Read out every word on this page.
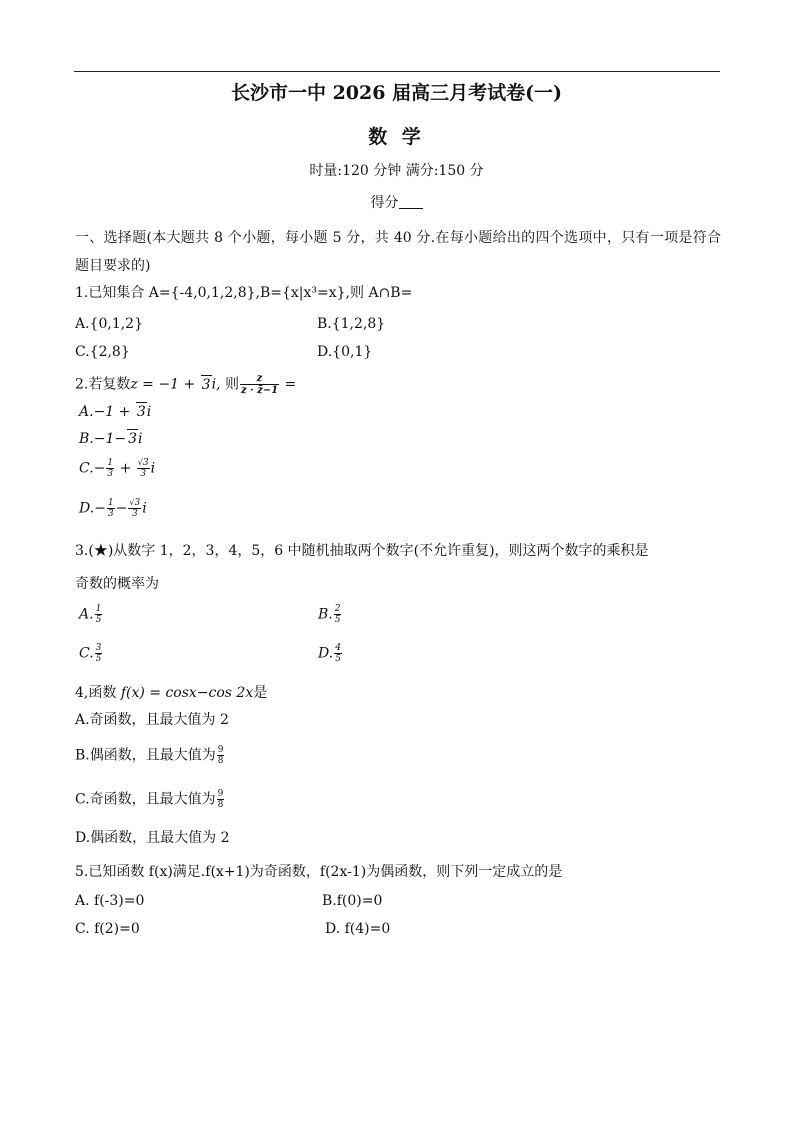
长沙市一中 2026 届高三月考试卷(一)
数 学
时量:120 分钟 满分:150 分
得分
一、选择题(本大题共 8 个小题，每小题 5 分，共 40 分.在每小题给出的四个选项中，只有一项是符合题目要求的)
1.已知集合 A={-4,0,1,2,8},B={x|x³=x},则 A∩B=
A.{0,1,2}	B.{1,2,8}
C.{2,8}	D.{0,1}
2.若复数z = −1 + 3i, 则 $\frac{z}{z \cdot z̄-1}$ =
A.−1 + 3i
B.−1− 3i
$C.- \frac{1}{3} + \frac{√3}{3}$ i
$D.- \frac{1}{3} - \frac{√3}{3}$ i
3.(★)从数字 1，2，3，4，5，6 中随机抽取两个数字(不允许重复)，则这两个数字的乘积是
奇数的概率为
A. $\frac{1}{5}$	B. $\frac{2}{5}$
C. $\frac{3}{5}$	D. $\frac{4}{5}$
4,函数 f(x) = cosx−cos 2x是
A.奇函数，且最大值为 2
B.偶函数，且最大值为 $\frac{9}{8}$
C.奇函数，且最大值为 $\frac{9}{8}$
D.偶函数，且最大值为 2
5.已知函数 f(x)满足.f(x+1)为奇函数，f(2x-1)为偶函数，则下列一定成立的是
A. f(-3)=0	B.f(0)=0
C. f(2)=0	D. f(4)=0
